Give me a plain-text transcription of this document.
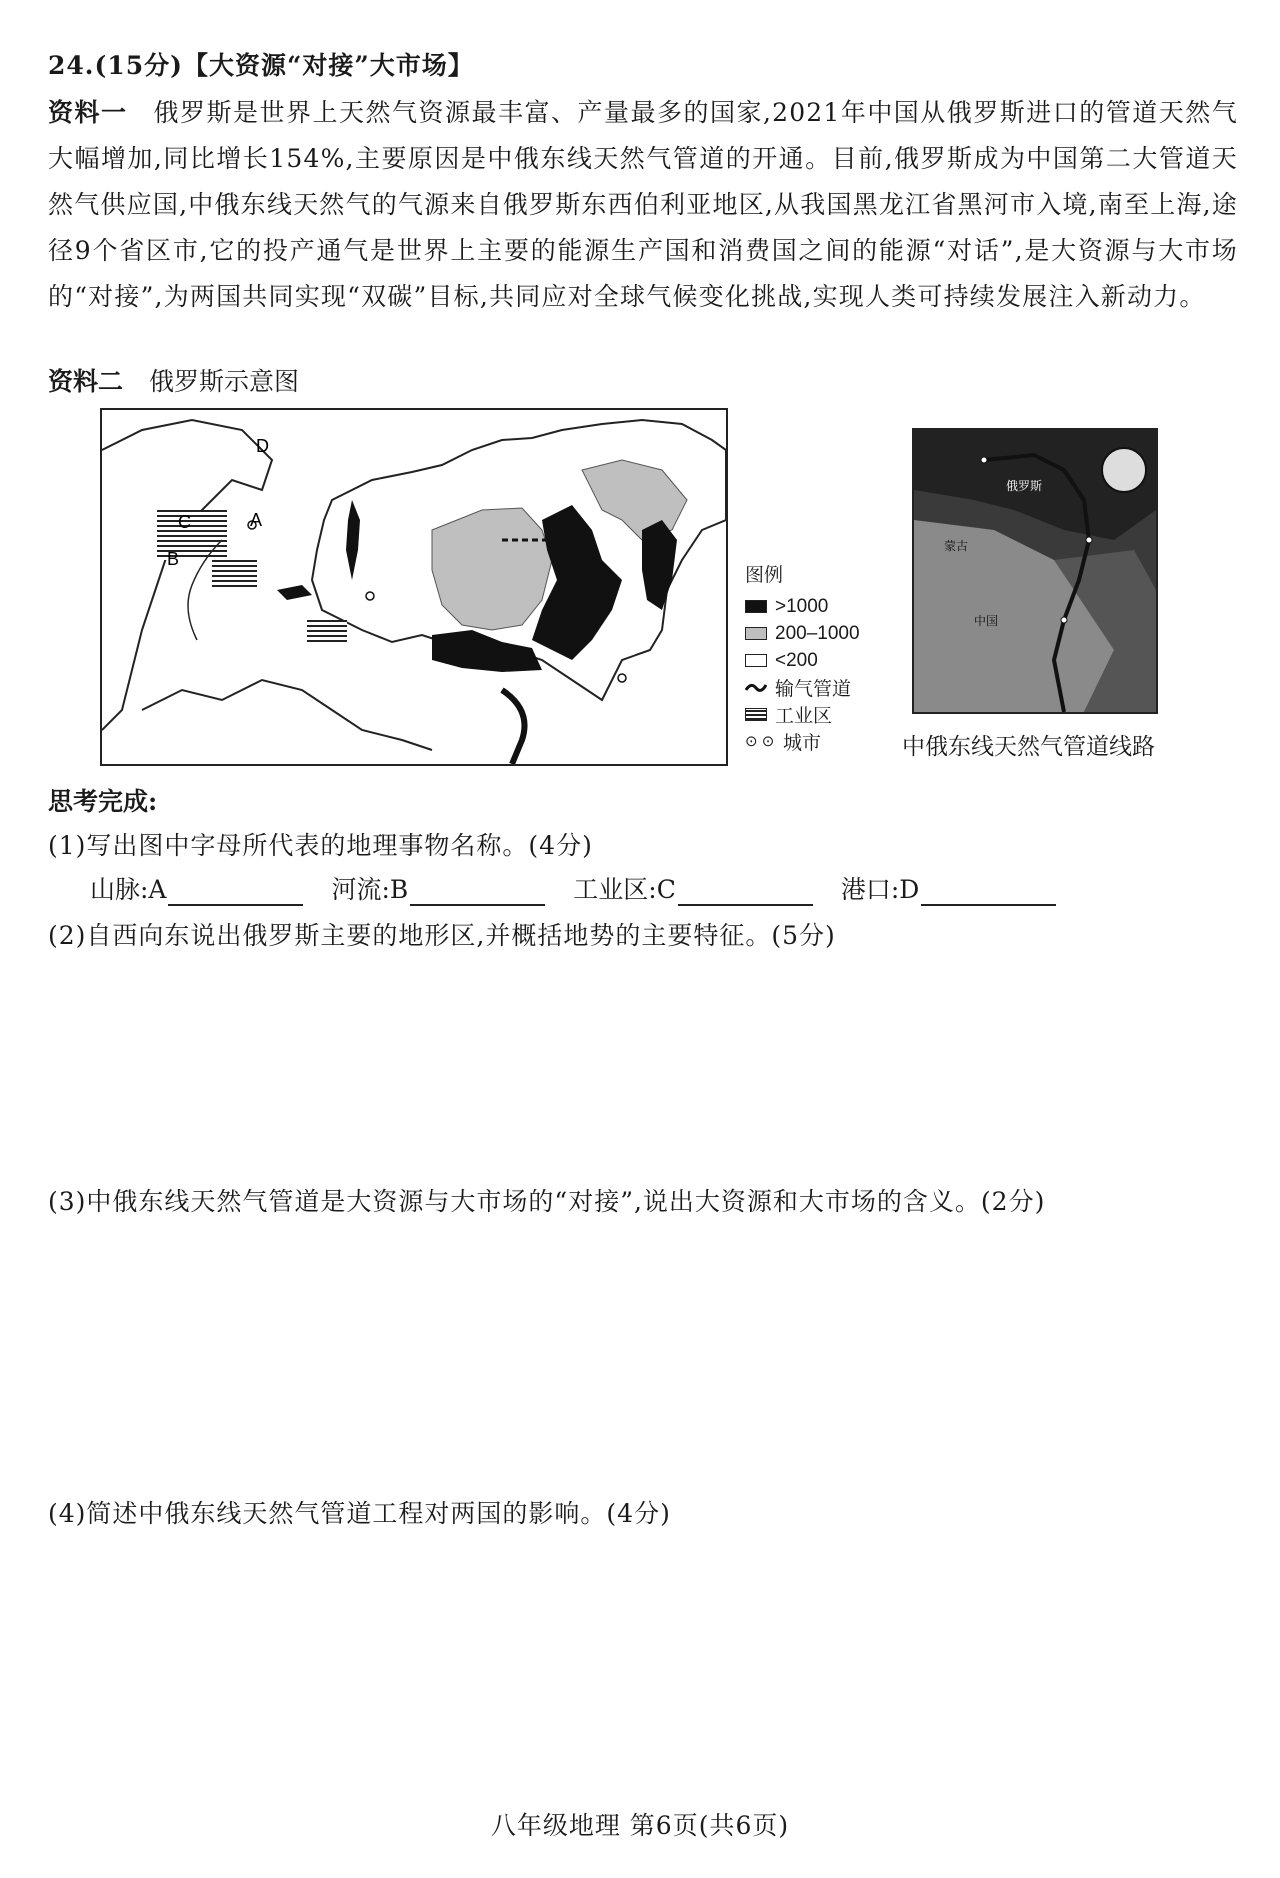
24.(15分)【大资源“对接”大市场】
资料一 俄罗斯是世界上天然气资源最丰富、产量最多的国家,2021年中国从俄罗斯进口的管道天然气大幅增加,同比增长154%,主要原因是中俄东线天然气管道的开通。目前,俄罗斯成为中国第二大管道天然气供应国,中俄东线天然气的气源来自俄罗斯东西伯利亚地区,从我国黑龙江省黑河市入境,南至上海,途径9个省区市,它的投产通气是世界上主要的能源生产国和消费国之间的能源“对话”,是大资源与大市场的“对接”,为两国共同实现“双碳”目标,共同应对全球气候变化挑战,实现人类可持续发展注入新动力。
资料二 俄罗斯示意图
D
A
C
B
图例
>1000
200–1000
<200
输气管道
工业区
⊙ ⊙ 城市
俄罗斯
蒙古
中国
中俄东线天然气管道线路
思考完成:
(1)写出图中字母所代表的地理事物名称。(4分)
山脉:A	河流:B	工业区:C	港口:D
(2)自西向东说出俄罗斯主要的地形区,并概括地势的主要特征。(5分)
(3)中俄东线天然气管道是大资源与大市场的“对接”,说出大资源和大市场的含义。(2分)
(4)简述中俄东线天然气管道工程对两国的影响。(4分)
八年级地理 第6页(共6页)
